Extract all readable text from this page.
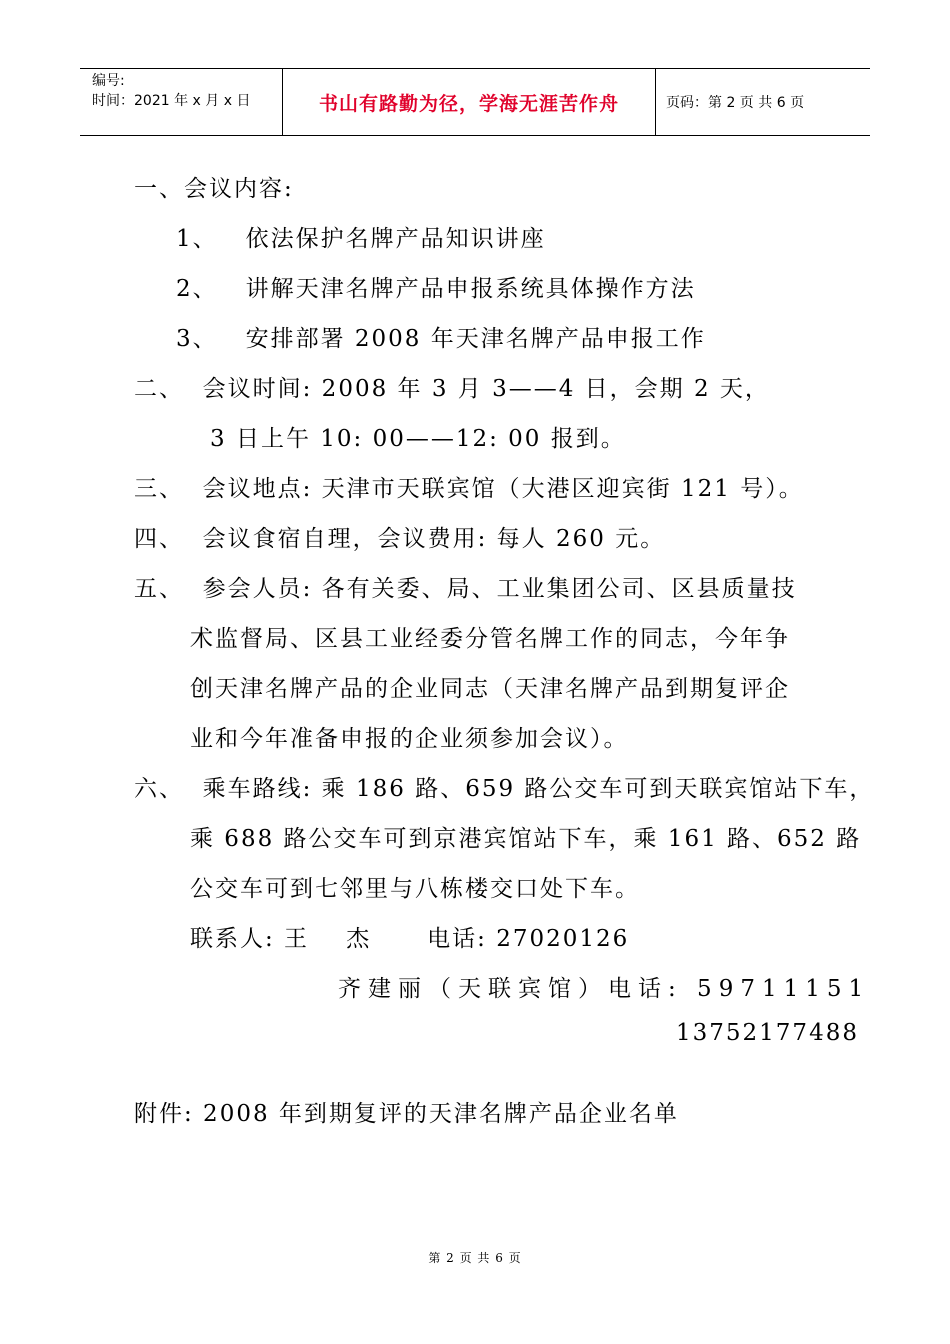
编号:
时间：2021 年 x 月 x 日	书山有路勤为径，学海无涯苦作舟	页码：第 2 页 共 6 页
一、会议内容:
1、   依法保护名牌产品知识讲座
2、   讲解天津名牌产品申报系统具体操作方法
3、   安排部署 2008 年天津名牌产品申报工作
二、  会议时间: 2008 年 3 月 3——4 日，会期 2 天，
3 日上午 10: 00——12: 00 报到。
三、  会议地点: 天津市天联宾馆（大港区迎宾街 121 号）。
四、  会议食宿自理，会议费用: 每人 260 元。
五、  参会人员: 各有关委、局、工业集团公司、区县质量技
术监督局、区县工业经委分管名牌工作的同志，今年争
创天津名牌产品的企业同志（天津名牌产品到期复评企
业和今年准备申报的企业须参加会议）。
六、  乘车路线: 乘 186 路、659 路公交车可到天联宾馆站下车，
乘 688 路公交车可到京港宾馆站下车，乘 161 路、652 路
公交车可到七邻里与八栋楼交口处下车。
联系人: 王    杰      电话: 27020126
齐建丽（天联宾馆）电话: 59711151
13752177488
附件: 2008 年到期复评的天津名牌产品企业名单
第 2 页 共 6 页
